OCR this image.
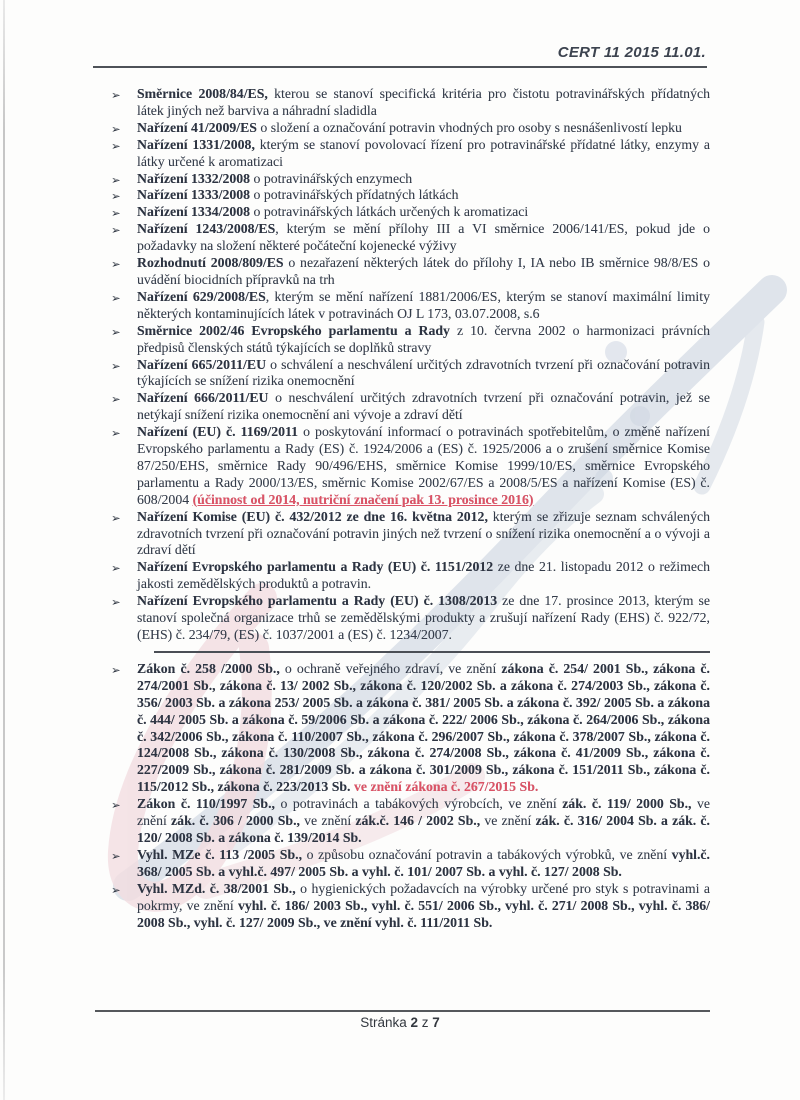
CERT 11 2015 11.01.
➢ Směrnice 2008/84/ES, kterou se stanoví specifická kritéria pro čistotu potravinářských přídatných látek jiných než barviva a náhradní sladidla

➢ Nařízení 41/2009/ES o složení a označování potravin vhodných pro osoby s nesnášenlivostí lepku

➢ Nařízení 1331/2008, kterým se stanoví povolovací řízení pro potravinářské přídatné látky, enzymy a látky určené k aromatizaci

➢ Nařízení 1332/2008 o potravinářských enzymech

➢ Nařízení 1333/2008 o potravinářských přídatných látkách

➢ Nařízení 1334/2008 o potravinářských látkách určených k aromatizaci

➢ Nařízení 1243/2008/ES, kterým se mění přílohy III a VI směrnice 2006/141/ES, pokud jde o požadavky na složení některé počáteční kojenecké výživy

➢ Rozhodnutí 2008/809/ES o nezařazení některých látek do přílohy I, IA nebo IB směrnice 98/8/ES o uvádění biocidních přípravků na trh

➢ Nařízení 629/2008/ES, kterým se mění nařízení 1881/2006/ES, kterým se stanoví maximální limity některých kontaminujících látek v potravinách OJ L 173, 03.07.2008, s.6

➢ Směrnice 2002/46 Evropského parlamentu a Rady z 10. června 2002 o harmonizaci právních předpisů členských států týkajících se doplňků stravy

➢ Nařízení 665/2011/EU o schválení a neschválení určitých zdravotních tvrzení při označování potravin týkajících se snížení rizika onemocnění

➢ Nařízení 666/2011/EU o neschválení určitých zdravotních tvrzení při označování potravin, jež se netýkají snížení rizika onemocnění ani vývoje a zdraví dětí

➢ Nařízení (EU) č. 1169/2011 o poskytování informací o potravinách spotřebitelům, o změně nařízení Evropského parlamentu a Rady (ES) č. 1924/2006 a (ES) č. 1925/2006 a o zrušení směrnice Komise 87/250/EHS, směrnice Rady 90/496/EHS, směrnice Komise 1999/10/ES, směrnice Evropského parlamentu a Rady 2000/13/ES, směrnic Komise 2002/67/ES a 2008/5/ES a nařízení Komise (ES) č. 608/2004 (účinnost od 2014, nutriční značení pak 13. prosince 2016)

➢ Nařízení Komise (EU) č. 432/2012 ze dne 16. května 2012, kterým se zřizuje seznam schválených zdravotních tvrzení při označování potravin jiných než tvrzení o snížení rizika onemocnění a o vývoji a zdraví dětí

➢ Nařízení Evropského parlamentu a Rady (EU) č. 1151/2012 ze dne 21. listopadu 2012 o režimech jakosti zemědělských produktů a potravin.

➢ Nařízení Evropského parlamentu a Rady (EU) č. 1308/2013 ze dne 17. prosince 2013, kterým se stanoví společná organizace trhů se zemědělskými produkty a zrušují nařízení Rady (EHS) č. 922/72, (EHS) č. 234/79, (ES) č. 1037/2001 a (ES) č. 1234/2007.

➢ Zákon č. 258 /2000 Sb., o ochraně veřejného zdraví, ve znění zákona č. 254/ 2001 Sb., zákona č. 274/2001 Sb., zákona č. 13/ 2002 Sb., zákona č. 120/2002 Sb. a zákona č. 274/2003 Sb., zákona č. 356/ 2003 Sb. a zákona 253/ 2005 Sb. a zákona č. 381/ 2005 Sb. a zákona č. 392/ 2005 Sb. a zákona č. 444/ 2005 Sb. a zákona č. 59/2006 Sb. a zákona č. 222/ 2006 Sb., zákona č. 264/2006 Sb., zákona č. 342/2006 Sb., zákona č. 110/2007 Sb., zákona č. 296/2007 Sb., zákona č. 378/2007 Sb., zákona č. 124/2008 Sb., zákona č. 130/2008 Sb., zákona č. 274/2008 Sb., zákona č. 41/2009 Sb., zákona č. 227/2009 Sb., zákona č. 281/2009 Sb. a zákona č. 301/2009 Sb., zákona č. 151/2011 Sb., zákona č. 115/2012 Sb., zákona č. 223/2013 Sb. ve znění zákona č. 267/2015 Sb.

➢ Zákon č. 110/1997 Sb., o potravinách a tabákových výrobcích, ve znění zák. č. 119/ 2000 Sb., ve znění zák. č. 306 / 2000 Sb., ve znění zák.č. 146 / 2002 Sb., ve znění zák. č. 316/ 2004 Sb. a zák. č. 120/ 2008 Sb. a zákona č. 139/2014 Sb.

➢ Vyhl. MZe č. 113 /2005 Sb., o způsobu označování potravin a tabákových výrobků, ve znění vyhl.č. 368/ 2005 Sb. a vyhl.č. 497/ 2005 Sb. a vyhl. č. 101/ 2007 Sb. a vyhl. č. 127/ 2008 Sb.

➢ Vyhl. MZd. č. 38/2001 Sb., o hygienických požadavcích na výrobky určené pro styk s potravinami a pokrmy, ve znění vyhl. č. 186/ 2003 Sb., vyhl. č. 551/ 2006 Sb., vyhl. č. 271/ 2008 Sb., vyhl. č. 386/ 2008 Sb., vyhl. č. 127/ 2009 Sb., ve znění vyhl. č. 111/2011 Sb.

Stránka 2 z 7
